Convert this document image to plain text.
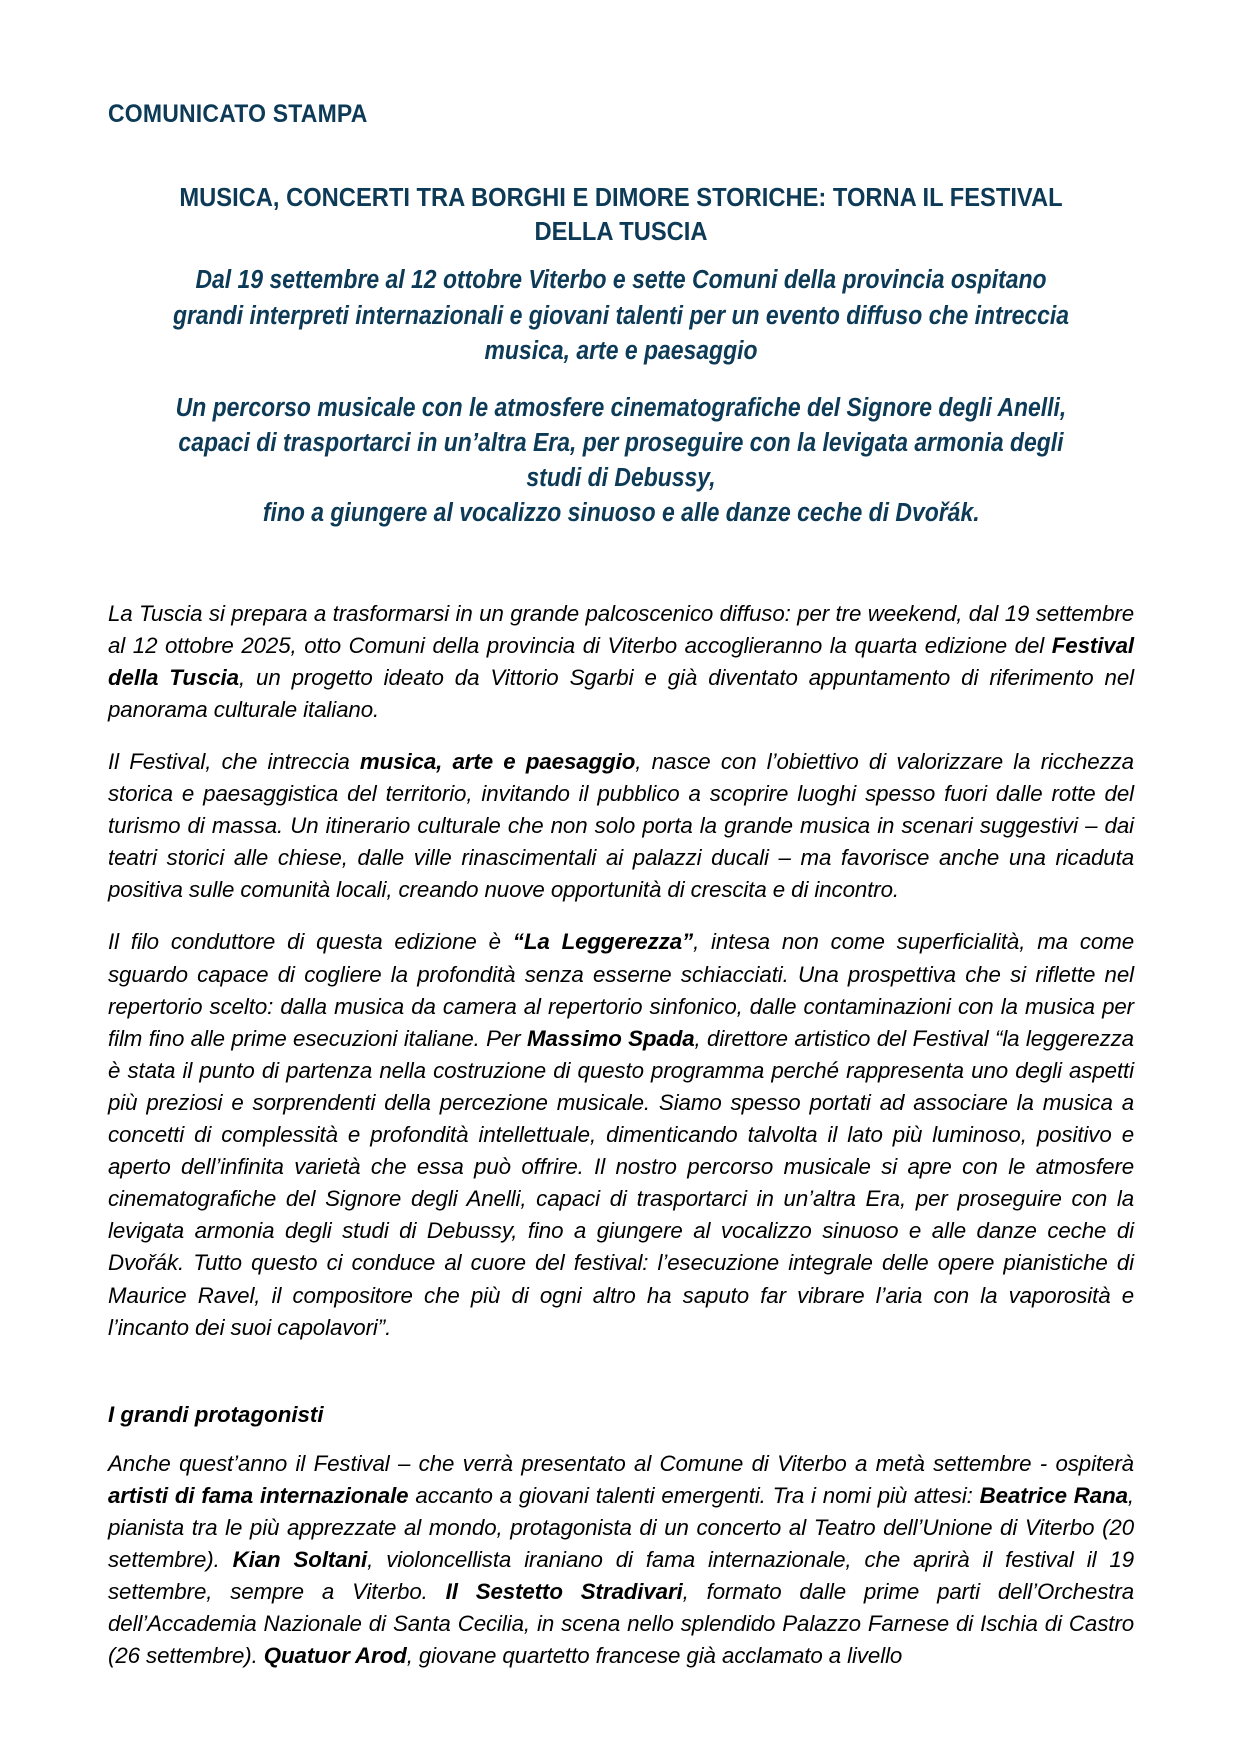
COMUNICATO STAMPA
MUSICA, CONCERTI TRA BORGHI E DIMORE STORICHE: TORNA IL FESTIVAL DELLA TUSCIA
Dal 19 settembre al 12 ottobre Viterbo e sette Comuni della provincia ospitano grandi interpreti internazionali e giovani talenti per un evento diffuso che intreccia musica, arte e paesaggio
Un percorso musicale con le atmosfere cinematografiche del Signore degli Anelli, capaci di trasportarci in un’altra Era, per proseguire con la levigata armonia degli studi di Debussy,
fino a giungere al vocalizzo sinuoso e alle danze ceche di Dvořák.

La Tuscia si prepara a trasformarsi in un grande palcoscenico diffuso: per tre weekend, dal 19 settembre al 12 ottobre 2025, otto Comuni della provincia di Viterbo accoglieranno la quarta edizione del Festival della Tuscia, un progetto ideato da Vittorio Sgarbi e già diventato appuntamento di riferimento nel panorama culturale italiano.

Il Festival, che intreccia musica, arte e paesaggio, nasce con l’obiettivo di valorizzare la ricchezza storica e paesaggistica del territorio, invitando il pubblico a scoprire luoghi spesso fuori dalle rotte del turismo di massa. Un itinerario culturale che non solo porta la grande musica in scenari suggestivi – dai teatri storici alle chiese, dalle ville rinascimentali ai palazzi ducali – ma favorisce anche una ricaduta positiva sulle comunità locali, creando nuove opportunità di crescita e di incontro.

Il filo conduttore di questa edizione è “La Leggerezza”, intesa non come superficialità, ma come sguardo capace di cogliere la profondità senza esserne schiacciati. Una prospettiva che si riflette nel repertorio scelto: dalla musica da camera al repertorio sinfonico, dalle contaminazioni con la musica per film fino alle prime esecuzioni italiane. Per Massimo Spada, direttore artistico del Festival “la leggerezza è stata il punto di partenza nella costruzione di questo programma perché rappresenta uno degli aspetti più preziosi e sorprendenti della percezione musicale. Siamo spesso portati ad associare la musica a concetti di complessità e profondità intellettuale, dimenticando talvolta il lato più luminoso, positivo e aperto dell’infinita varietà che essa può offrire. Il nostro percorso musicale si apre con le atmosfere cinematografiche del Signore degli Anelli, capaci di trasportarci in un’altra Era, per proseguire con la levigata armonia degli studi di Debussy, fino a giungere al vocalizzo sinuoso e alle danze ceche di Dvořák. Tutto questo ci conduce al cuore del festival: l’esecuzione integrale delle opere pianistiche di Maurice Ravel, il compositore che più di ogni altro ha saputo far vibrare l’aria con la vaporosità e l’incanto dei suoi capolavori”.

I grandi protagonisti

Anche quest’anno il Festival – che verrà presentato al Comune di Viterbo a metà settembre - ospiterà artisti di fama internazionale accanto a giovani talenti emergenti. Tra i nomi più attesi: Beatrice Rana, pianista tra le più apprezzate al mondo, protagonista di un concerto al Teatro dell’Unione di Viterbo (20 settembre). Kian Soltani, violoncellista iraniano di fama internazionale, che aprirà il festival il 19 settembre, sempre a Viterbo. Il Sestetto Stradivari, formato dalle prime parti dell’Orchestra dell’Accademia Nazionale di Santa Cecilia, in scena nello splendido Palazzo Farnese di Ischia di Castro (26 settembre). Quatuor Arod, giovane quartetto francese già acclamato a livello
